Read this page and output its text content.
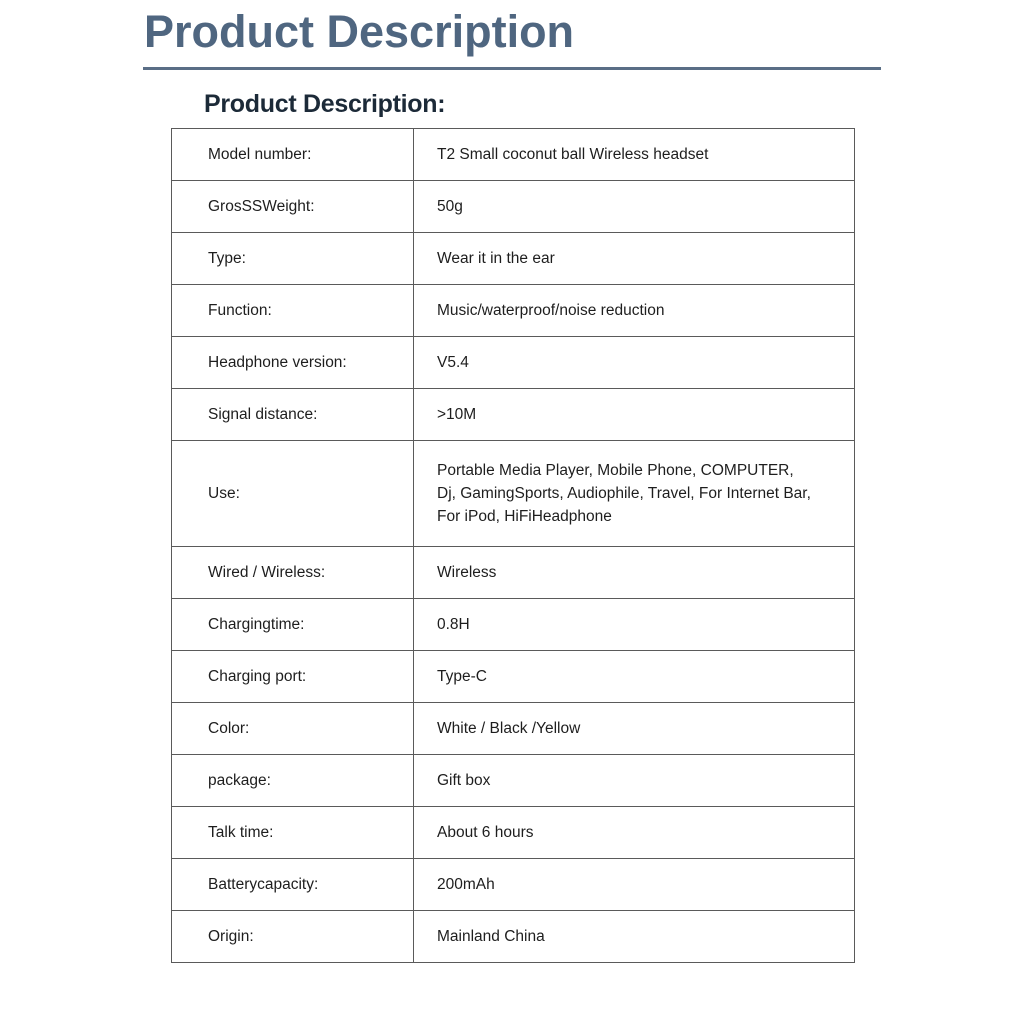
Product Description
Product Description:
Model number:	T2 Small coconut ball Wireless headset
GrosSSWeight:	50g
Type:	Wear it in the ear
Function:	Music/waterproof/noise reduction
Headphone version:	V5.4
Signal distance:	>10M
Use:	Portable Media Player, Mobile Phone, COMPUTER,
Dj, GamingSports, Audiophile, Travel, For Internet Bar,
For iPod, HiFiHeadphone
Wired / Wireless:	Wireless
Chargingtime:	0.8H
Charging port:	Type-C
Color:	White / Black /Yellow
package:	Gift box
Talk time:	About 6 hours
Batterycapacity:	200mAh
Origin:	Mainland China
